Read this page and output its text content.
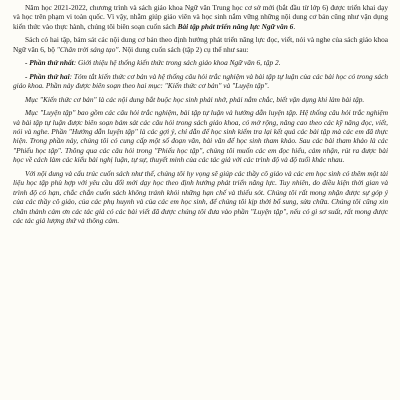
Năm học 2021-2022, chương trình và sách giáo khoa Ngữ văn Trung học cơ sở mới (bắt đầu từ lớp 6) được triển khai dạy và học trên phạm vi toàn quốc. Vì vậy, nhằm giúp giáo viên và học sinh nắm vững những nội dung cơ bản cũng như vận dụng kiến thức vào thực hành, chúng tôi biên soạn cuốn sách Bài tập phát triển năng lực Ngữ văn 6.

Sách có hai tập, bám sát các nội dung cơ bản theo định hướng phát triển năng lực đọc, viết, nói và nghe của sách giáo khoa Ngữ văn 6, bộ "Chân trời sáng tạo". Nội dung cuốn sách (tập 2) cụ thể như sau:

- Phần thứ nhất: Giới thiệu hệ thống kiến thức trong sách giáo khoa Ngữ văn 6, tập 2.

- Phần thứ hai: Tóm tắt kiến thức cơ bản và hệ thống câu hỏi trắc nghiệm và bài tập tự luận của các bài học có trong sách giáo khoa. Phần này được biên soạn theo hai mục: "Kiến thức cơ bản" và "Luyện tập".

Mục "Kiến thức cơ bản" là các nội dung bắt buộc học sinh phải nhớ, phải nắm chắc, biết vận dụng khi làm bài tập.

Mục "Luyện tập" bao gồm các câu hỏi trắc nghiệm, bài tập tự luận và hướng dẫn luyện tập. Hệ thống câu hỏi trắc nghiệm và bài tập tự luận được biên soạn bám sát các câu hỏi trong sách giáo khoa, có mở rộng, nâng cao theo các kỹ năng đọc, viết, nói và nghe. Phần "Hướng dẫn luyện tập" là các gợi ý, chỉ dẫn để học sinh kiểm tra lại kết quả các bài tập mà các em đã thực hiện. Trong phần này, chúng tôi có cung cấp một số đoạn văn, bài văn để học sinh tham khảo. Sau các bài tham khảo là các "Phiếu học tập". Thông qua các câu hỏi trong "Phiếu học tập", chúng tôi muốn các em đọc hiểu, cảm nhận, rút ra được bài học về cách làm các kiểu bài nghị luận, tự sự, thuyết minh của các tác giả với các trình độ và độ tuổi khác nhau.

Với nội dung và cấu trúc cuốn sách như thế, chúng tôi hy vọng sẽ giúp các thầy cô giáo và các em học sinh có thêm một tài liệu học tập phù hợp với yêu cầu đổi mới dạy học theo định hướng phát triển năng lực. Tuy nhiên, do điều kiện thời gian và trình độ có hạn, chắc chắn cuốn sách không tránh khỏi những hạn chế và thiếu sót. Chúng tôi rất mong nhận được sự góp ý của các thầy cô giáo, của các phụ huynh và của các em học sinh, để chúng tôi kịp thời bổ sung, sửa chữa. Chúng tôi cũng xin chân thành cảm ơn các tác giả có các bài viết đã được chúng tôi đưa vào phần "Luyện tập", nếu có gì sơ suất, rất mong được các tác giả lượng thứ và thông cảm.
